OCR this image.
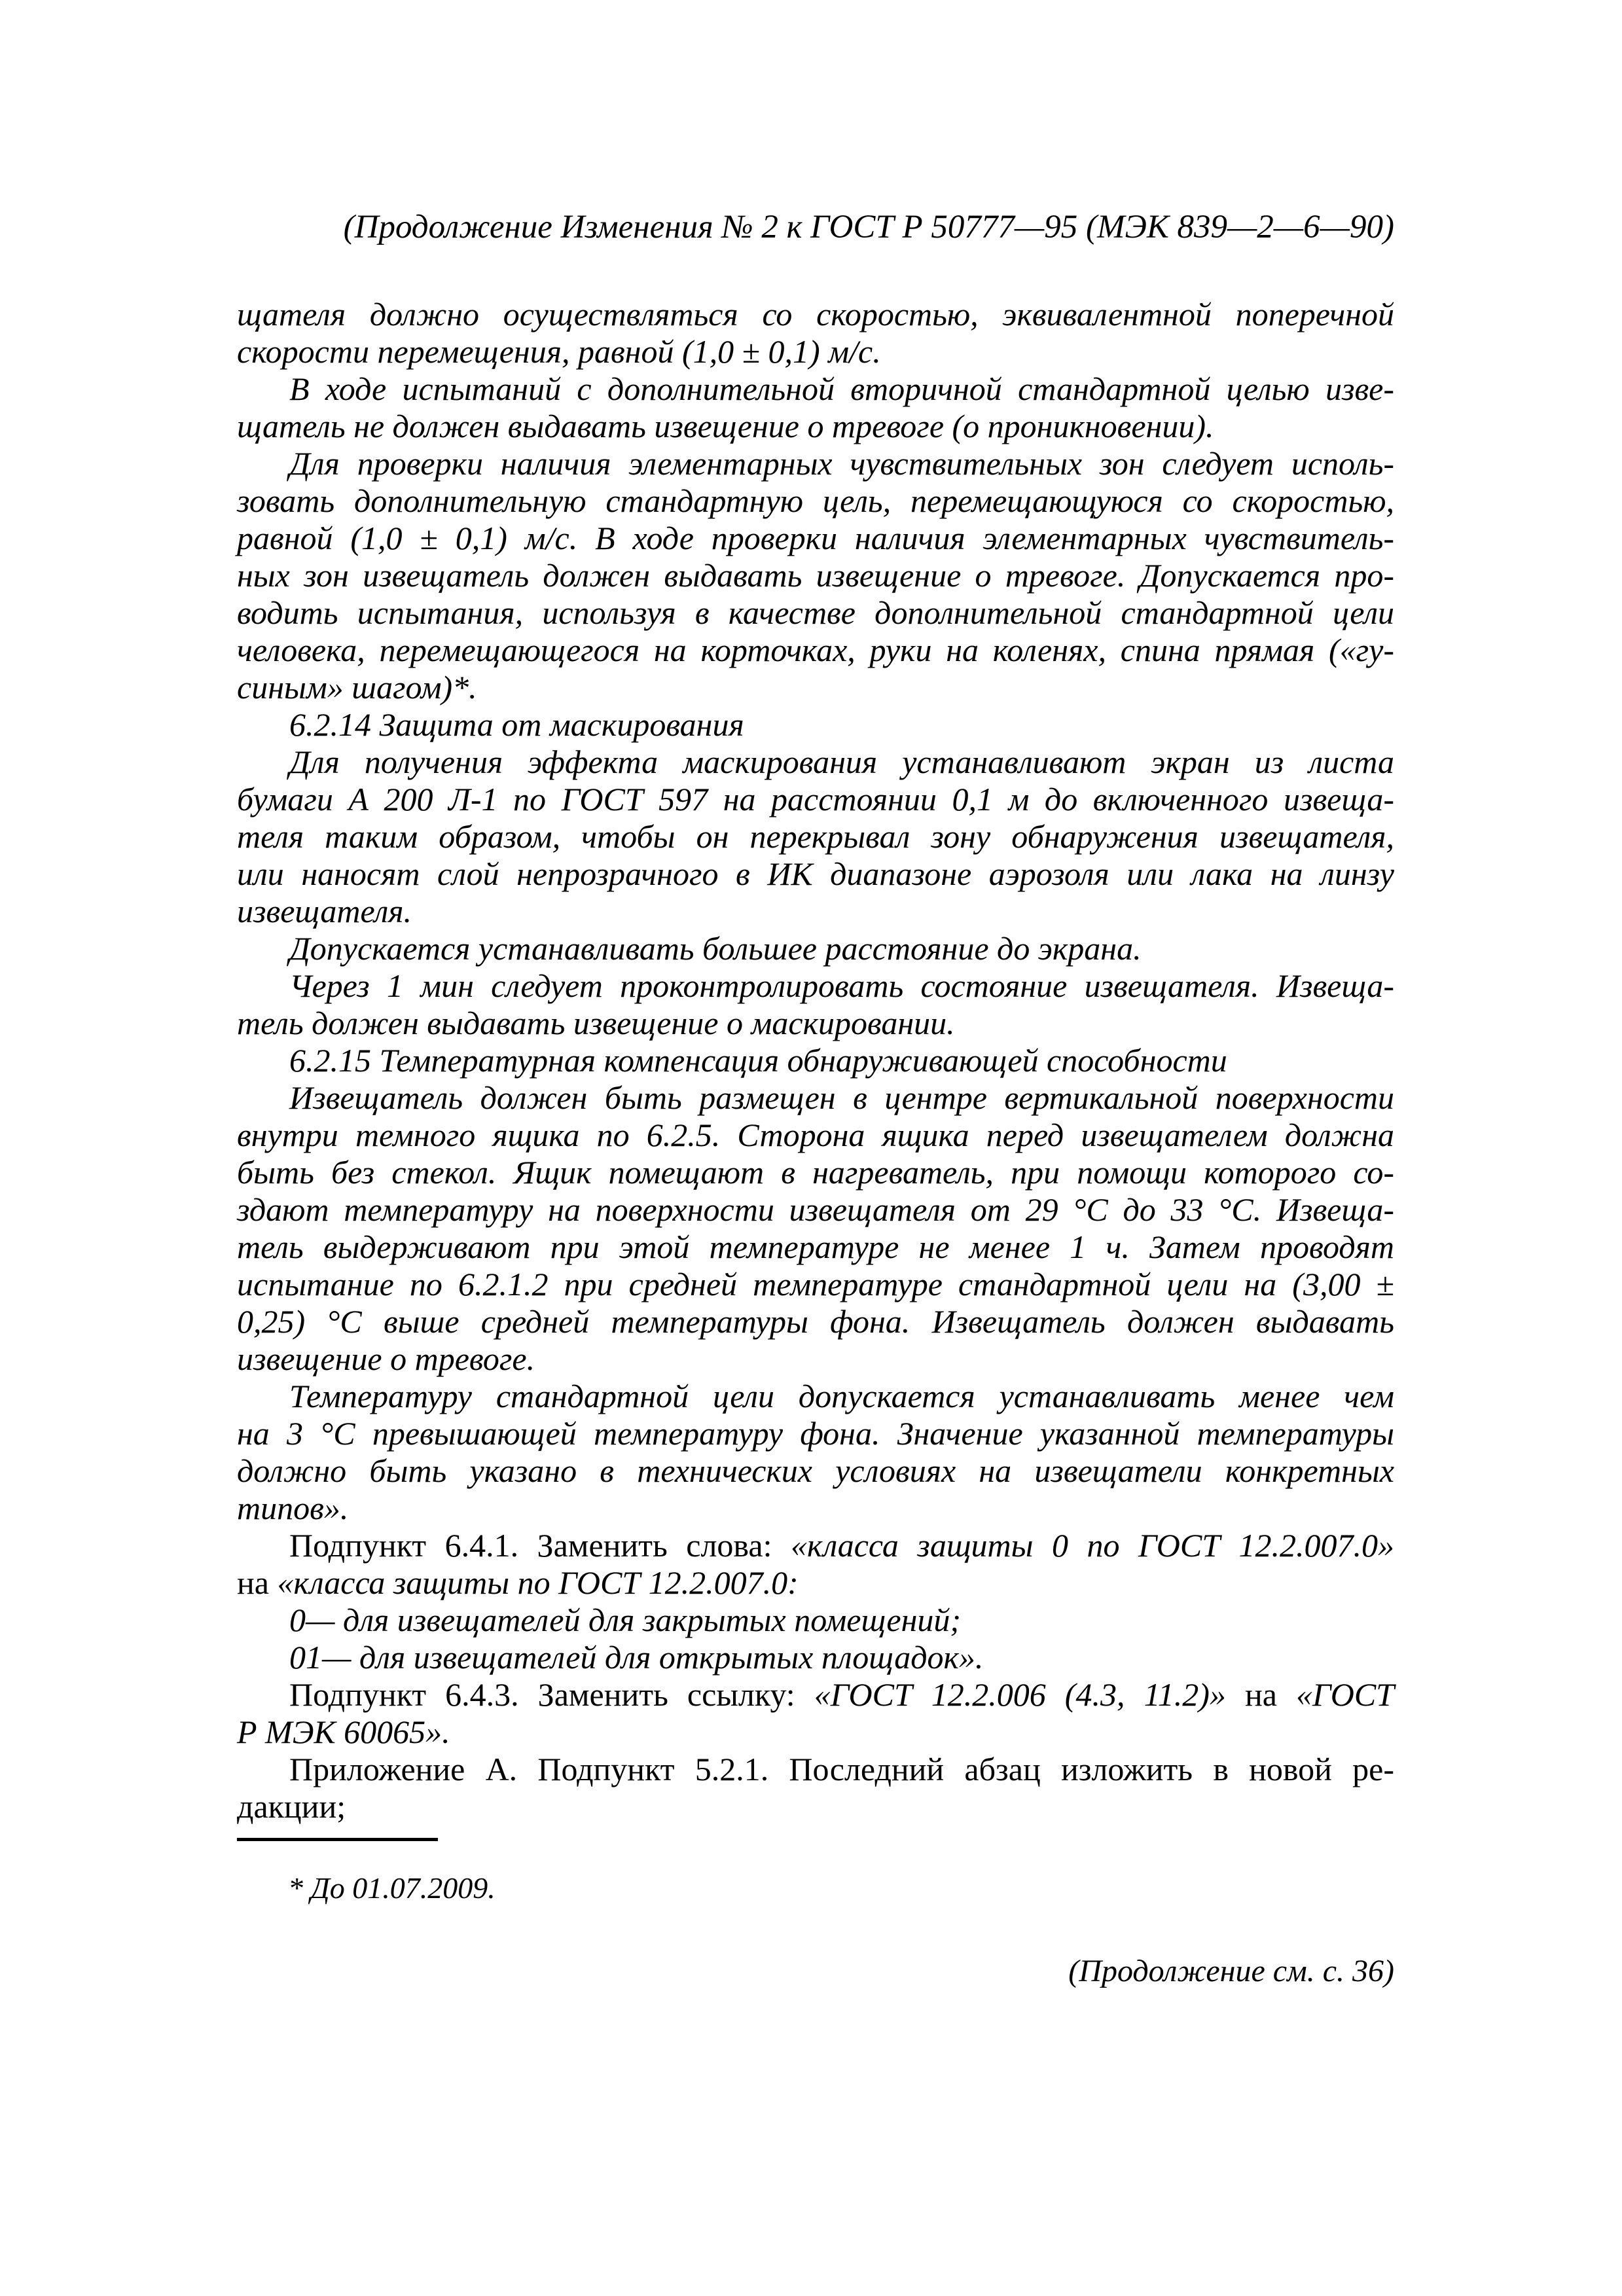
(Продолжение Изменения № 2 к ГОСТ Р 50777—95 (МЭК 839—2—6—90)
щателя должно осуществляться со скоростью, эквивалентной поперечной
скорости перемещения, равной (1,0 ± 0,1) м/с.
В ходе испытаний с дополнительной вторичной стандартной целью изве-
щатель не должен выдавать извещение о тревоге (о проникновении).
Для проверки наличия элементарных чувствительных зон следует исполь-
зовать дополнительную стандартную цель, перемещающуюся со скоростью,
равной (1,0 ± 0,1) м/с. В ходе проверки наличия элементарных чувствитель-
ных зон извещатель должен выдавать извещение о тревоге. Допускается про-
водить испытания, используя в качестве дополнительной стандартной цели
человека, перемещающегося на корточках, руки на коленях, спина прямая («гу-
синым» шагом)*.
6.2.14 Защита от маскирования
Для получения эффекта маскирования устанавливают экран из листа
бумаги А 200 Л-1 по ГОСТ 597 на расстоянии 0,1 м до включенного извеща-
теля таким образом, чтобы он перекрывал зону обнаружения извещателя,
или наносят слой непрозрачного в ИК диапазоне аэрозоля или лака на линзу
извещателя.
Допускается устанавливать большее расстояние до экрана.
Через 1 мин следует проконтролировать состояние извещателя. Извеща-
тель должен выдавать извещение о маскировании.
6.2.15 Температурная компенсация обнаруживающей способности
Извещатель должен быть размещен в центре вертикальной поверхности
внутри темного ящика по 6.2.5. Сторона ящика перед извещателем должна
быть без стекол. Ящик помещают в нагреватель, при помощи которого со-
здают температуру на поверхности извещателя от 29 °С до 33 °С. Извеща-
тель выдерживают при этой температуре не менее 1 ч. Затем проводят
испытание по 6.2.1.2 при средней температуре стандартной цели на (3,00 ±
0,25) °С выше средней температуры фона. Извещатель должен выдавать
извещение о тревоге.
Температуру стандартной цели допускается устанавливать менее чем
на 3 °С превышающей температуру фона. Значение указанной температуры
должно быть указано в технических условиях на извещатели конкретных
типов».
Подпункт 6.4.1. Заменить слова: «класса защиты 0 по ГОСТ 12.2.007.0»
на «класса защиты по ГОСТ 12.2.007.0:
0— для извещателей для закрытых помещений;
01— для извещателей для открытых площадок».
Подпункт 6.4.3. Заменить ссылку: «ГОСТ 12.2.006 (4.3, 11.2)» на «ГОСТ
Р МЭК 60065».
Приложение А. Подпункт 5.2.1. Последний абзац изложить в новой ре-
дакции;
* До 01.07.2009.
(Продолжение см. с. 36)
